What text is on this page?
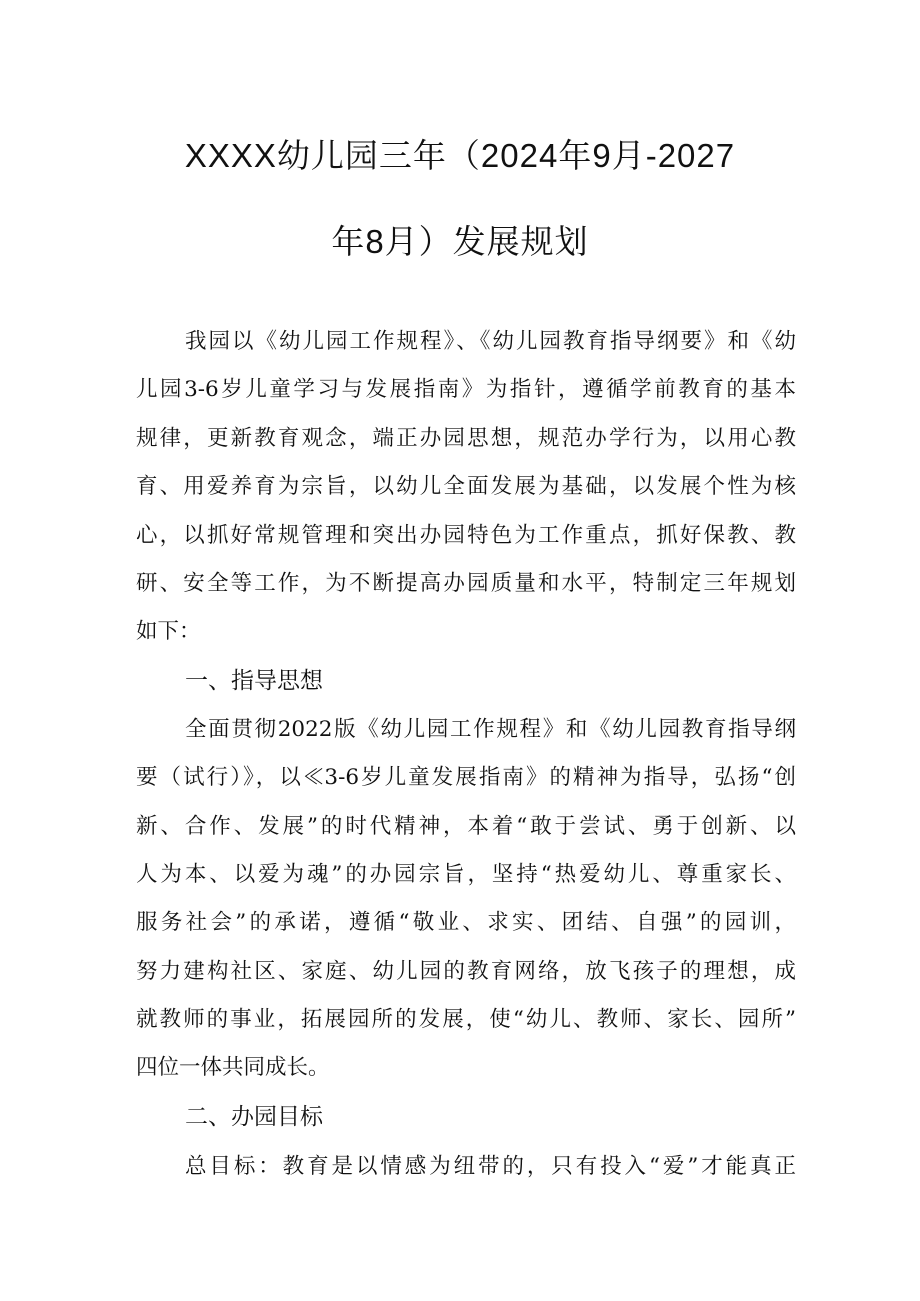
XXXX幼儿园三年（2024年9月-2027
年8月）发展规划
我园以《幼儿园工作规程》、《幼儿园教育指导纲要》和《幼
儿园3-6岁儿童学习与发展指南》为指针，遵循学前教育的基本
规律，更新教育观念，端正办园思想，规范办学行为，以用心教
育、用爱养育为宗旨，以幼儿全面发展为基础，以发展个性为核
心，以抓好常规管理和突出办园特色为工作重点，抓好保教、教
研、安全等工作，为不断提高办园质量和水平，特制定三年规划
如下：
一、指导思想
全面贯彻2022版《幼儿园工作规程》和《幼儿园教育指导纲
要（试行）》，以≪3-6岁儿童发展指南》的精神为指导，弘扬“创
新、合作、发展”的时代精神，本着“敢于尝试、勇于创新、以
人为本、以爱为魂”的办园宗旨，坚持“热爱幼儿、尊重家长、
服务社会”的承诺，遵循“敬业、求实、团结、自强”的园训，
努力建构社区、家庭、幼儿园的教育网络，放飞孩子的理想，成
就教师的事业，拓展园所的发展，使“幼儿、教师、家长、园所”
四位一体共同成长。
二、办园目标
总目标：教育是以情感为纽带的，只有投入“爱”才能真正
